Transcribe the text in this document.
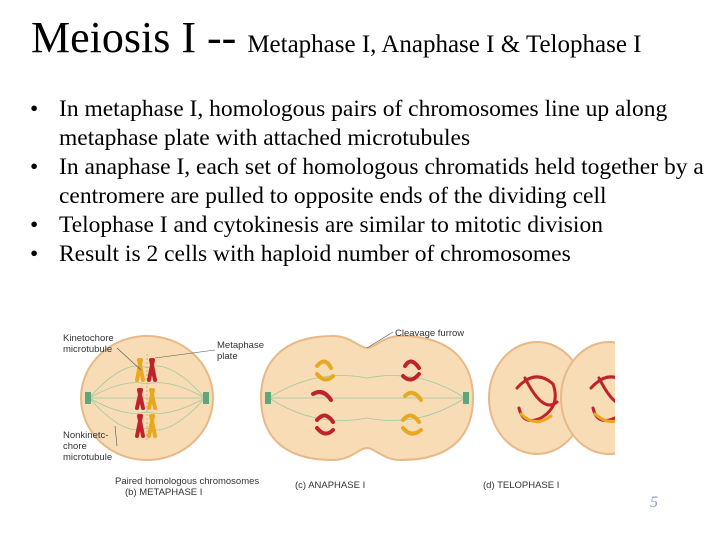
Meiosis I -- Metaphase I, Anaphase I & Telophase I
• In metaphase I, homologous pairs of chromosomes line up along metaphase plate with attached microtubules
• In anaphase I, each set of homologous chromatids held together by a centromere are pulled to opposite ends of the dividing cell
• Telophase I and cytokinesis are similar to mitotic division
• Result is 2 cells with haploid number of chromosomes
Kinetochore
microtubule	Metaphase
plate
Nonkinetc-
chore
microtubule
Cleavage furrow
Paired homologous chromosomes
(b) METAPHASE I
(c) ANAPHASE I	(d) TELOPHASE I
5
